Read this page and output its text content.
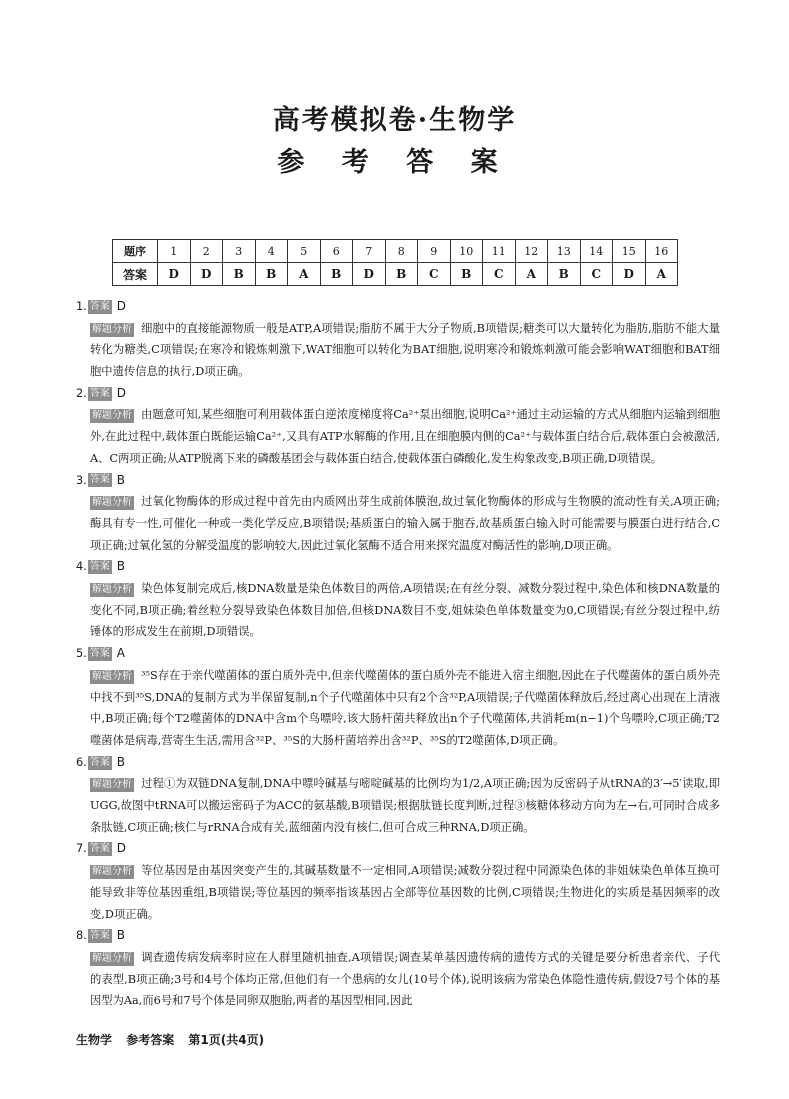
高考模拟卷·生物学
参 考 答 案
题序	1	2	3	4	5	6	7	8	9	10	11	12	13	14	15	16
答案	D	D	B	B	A	B	D	B	C	B	C	A	B	C	D	A
1. 答案 D
解题分析 细胞中的直接能源物质一般是ATP,A项错误;脂肪不属于大分子物质,B项错误;糖类可以大量转化为脂肪,脂肪不能大量转化为糖类,C项错误;在寒冷和锻炼刺激下,WAT细胞可以转化为BAT细胞,说明寒冷和锻炼刺激可能会影响WAT细胞和BAT细胞中遗传信息的执行,D项正确。
2. 答案 D
解题分析 由题意可知,某些细胞可利用载体蛋白逆浓度梯度将Ca²⁺泵出细胞,说明Ca²⁺通过主动运输的方式从细胞内运输到细胞外,在此过程中,载体蛋白既能运输Ca²⁺,又具有ATP水解酶的作用,且在细胞膜内侧的Ca²⁺与载体蛋白结合后,载体蛋白会被激活,A、C两项正确;从ATP脱离下来的磷酸基团会与载体蛋白结合,使载体蛋白磷酸化,发生构象改变,B项正确,D项错误。
3. 答案 B
解题分析 过氧化物酶体的形成过程中首先由内质网出芽生成前体膜泡,故过氧化物酶体的形成与生物膜的流动性有关,A项正确;酶具有专一性,可催化一种或一类化学反应,B项错误;基质蛋白的输入属于胞吞,故基质蛋白输入时可能需要与膜蛋白进行结合,C项正确;过氧化氢的分解受温度的影响较大,因此过氧化氢酶不适合用来探究温度对酶活性的影响,D项正确。
4. 答案 B
解题分析 染色体复制完成后,核DNA数量是染色体数目的两倍,A项错误;在有丝分裂、减数分裂过程中,染色体和核DNA数量的变化不同,B项正确;着丝粒分裂导致染色体数目加倍,但核DNA数目不变,姐妹染色单体数量变为0,C项错误;有丝分裂过程中,纺锤体的形成发生在前期,D项错误。
5. 答案 A
解题分析 ³⁵S存在于亲代噬菌体的蛋白质外壳中,但亲代噬菌体的蛋白质外壳不能进入宿主细胞,因此在子代噬菌体的蛋白质外壳中找不到³⁵S,DNA的复制方式为半保留复制,n个子代噬菌体中只有2个含³²P,A项错误;子代噬菌体释放后,经过离心出现在上清液中,B项正确;每个T2噬菌体的DNA中含m个鸟嘌呤,该大肠杆菌共释放出n个子代噬菌体,共消耗m(n−1)个鸟嘌呤,C项正确;T2噬菌体是病毒,营寄生生活,需用含³²P、³⁵S的大肠杆菌培养出含³²P、³⁵S的T2噬菌体,D项正确。
6. 答案 B
解题分析 过程①为双链DNA复制,DNA中嘌呤碱基与嘧啶碱基的比例均为1/2,A项正确;因为反密码子从tRNA的3′→5′读取,即UGG,故图中tRNA可以搬运密码子为ACC的氨基酸,B项错误;根据肽链长度判断,过程③核糖体移动方向为左→右,可同时合成多条肽链,C项正确;核仁与rRNA合成有关,蓝细菌内没有核仁,但可合成三种RNA,D项正确。
7. 答案 D
解题分析 等位基因是由基因突变产生的,其碱基数量不一定相同,A项错误;减数分裂过程中同源染色体的非姐妹染色单体互换可能导致非等位基因重组,B项错误;等位基因的频率指该基因占全部等位基因数的比例,C项错误;生物进化的实质是基因频率的改变,D项正确。
8. 答案 B
解题分析 调查遗传病发病率时应在人群里随机抽查,A项错误;调查某单基因遗传病的遗传方式的关键是要分析患者亲代、子代的表型,B项正确;3号和4号个体均正常,但他们有一个患病的女儿(10号个体),说明该病为常染色体隐性遗传病,假设7号个体的基因型为Aa,而6号和7号个体是同卵双胞胎,两者的基因型相同,因此
生物学 参考答案 第1页(共4页)
